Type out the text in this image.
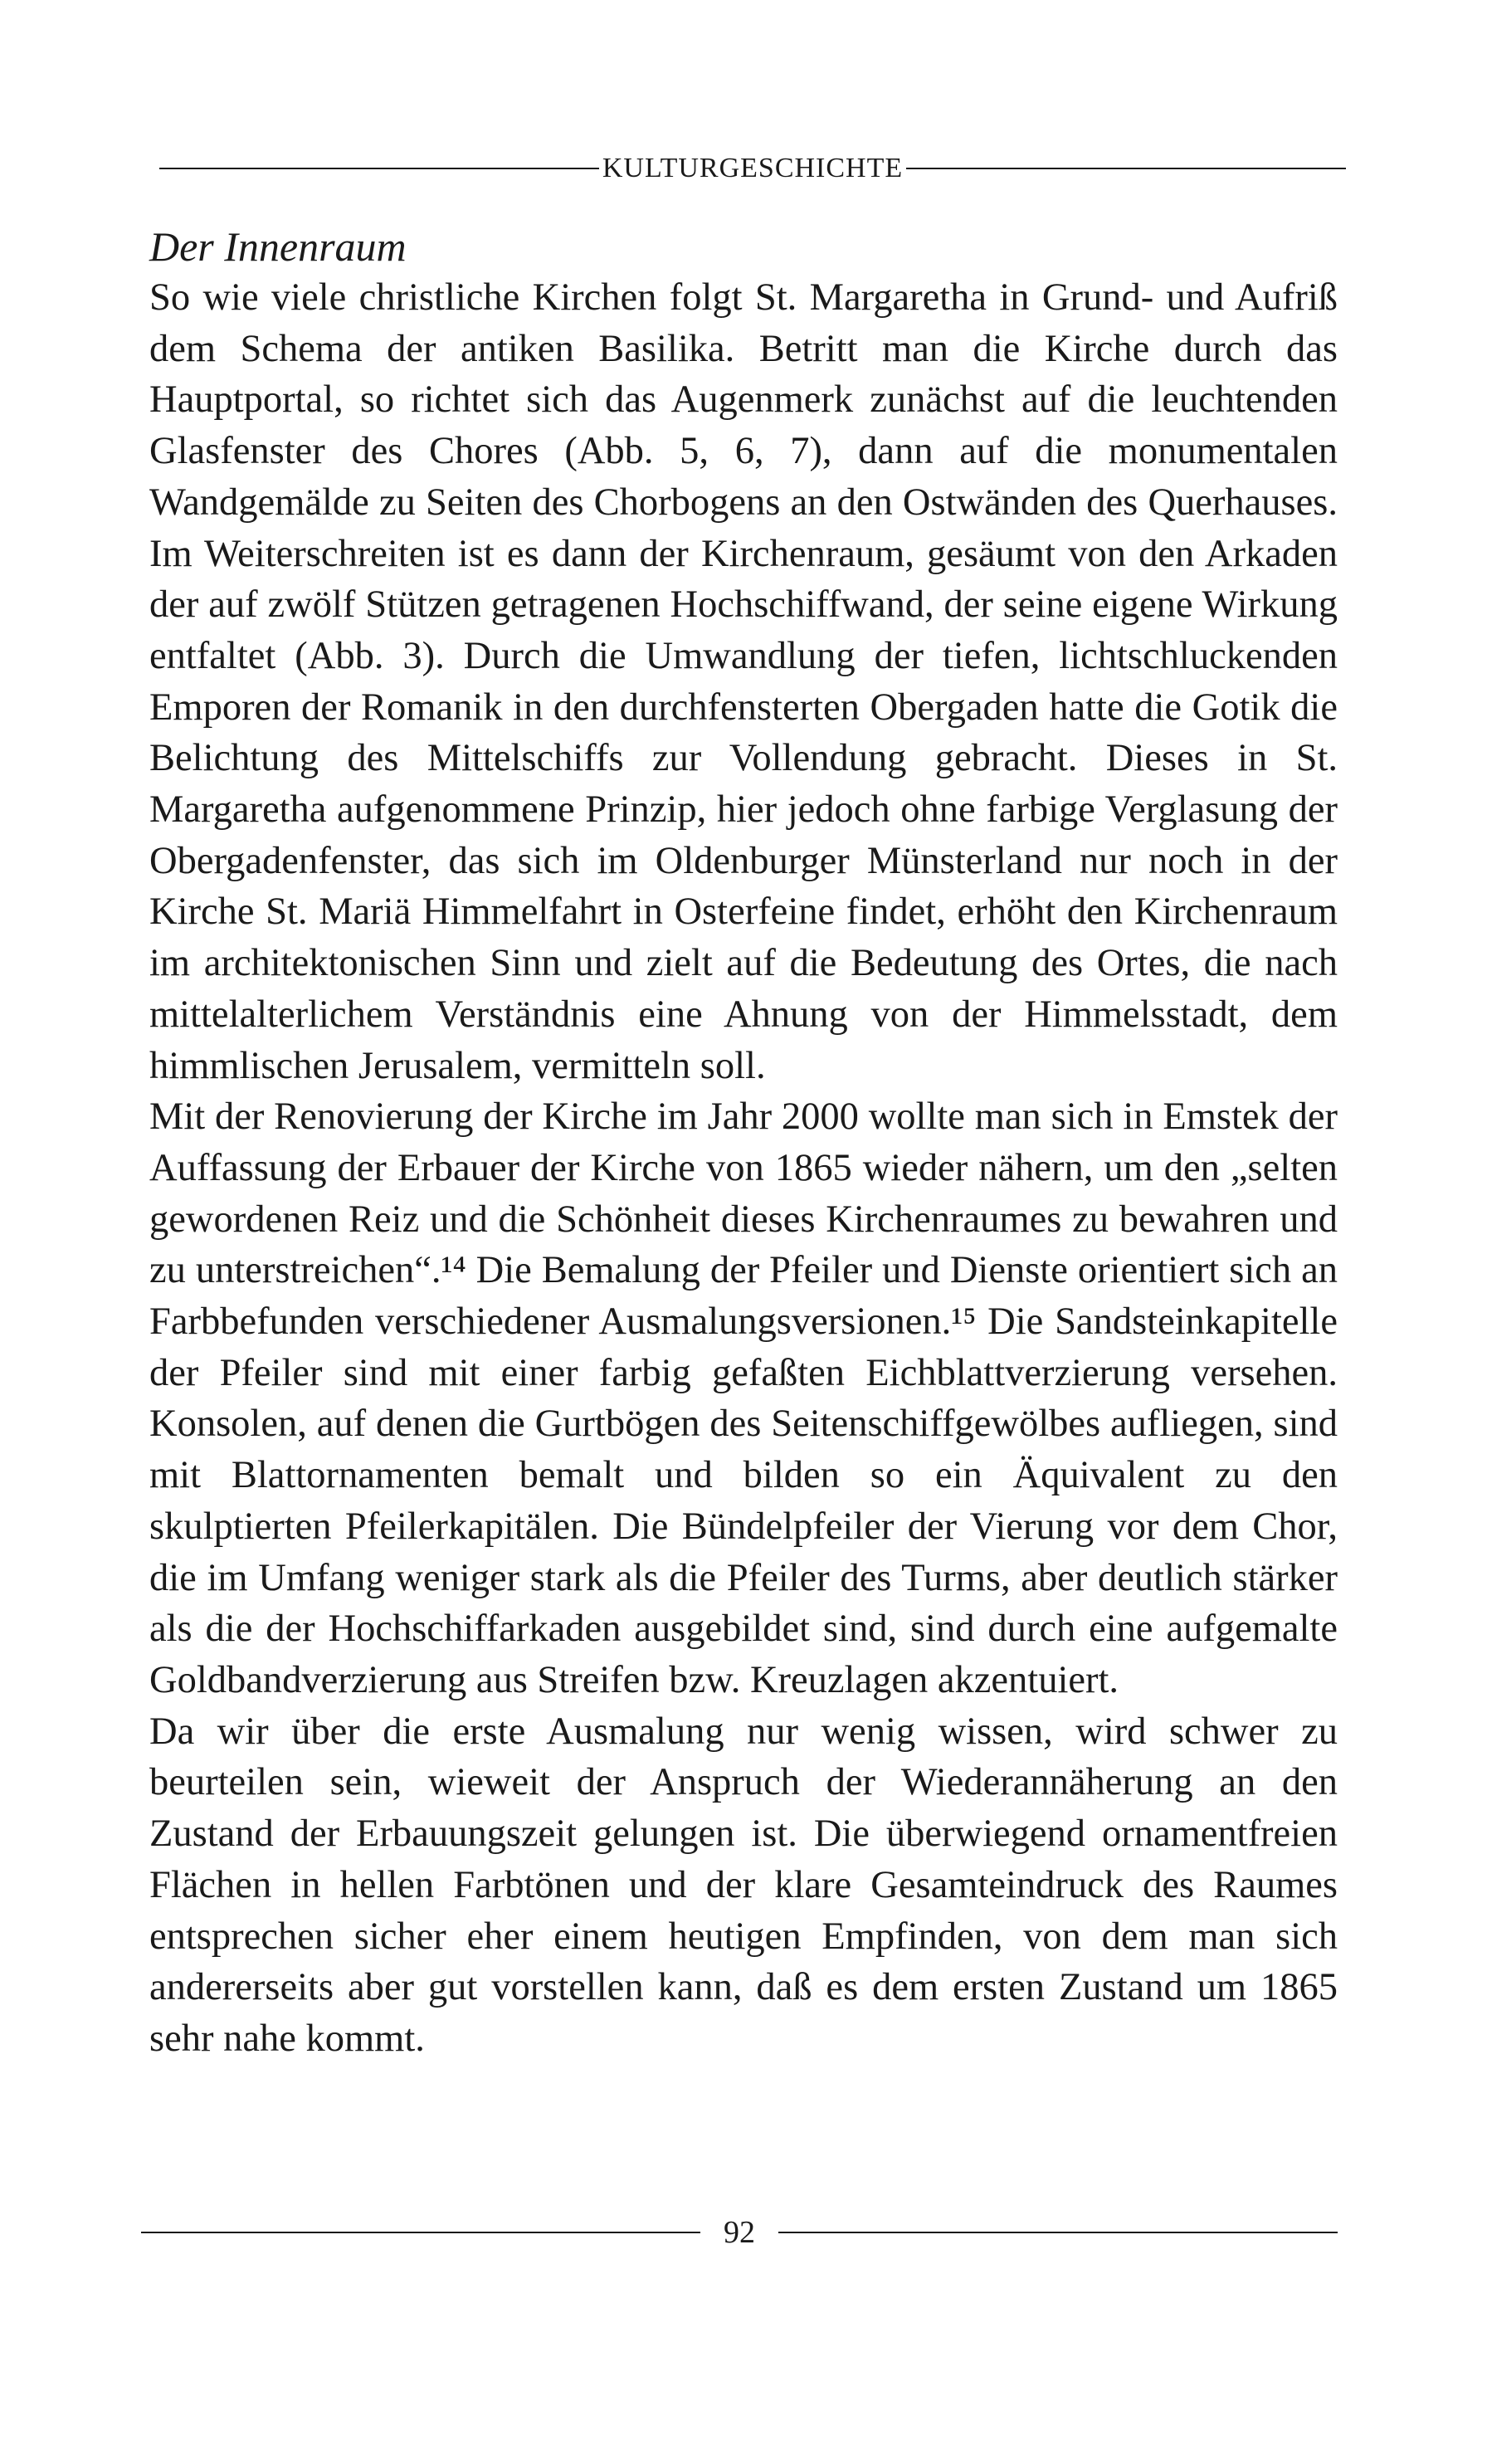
KULTURGESCHICHTE
Der Innenraum

So wie viele christliche Kirchen folgt St. Margaretha in Grund- und Aufriß dem Schema der antiken Basilika. Betritt man die Kirche durch das Hauptportal, so richtet sich das Augenmerk zunächst auf die leuchtenden Glasfenster des Chores (Abb. 5, 6, 7), dann auf die monumentalen Wandgemälde zu Seiten des Chorbogens an den Ostwänden des Querhauses. Im Weiterschreiten ist es dann der Kirchenraum, gesäumt von den Arkaden der auf zwölf Stützen getragenen Hochschiffwand, der seine eigene Wirkung entfaltet (Abb. 3). Durch die Umwandlung der tiefen, lichtschluckenden Emporen der Romanik in den durchfensterten Obergaden hatte die Gotik die Belichtung des Mittelschiffs zur Vollendung gebracht. Dieses in St. Margaretha aufgenommene Prinzip, hier jedoch ohne farbige Verglasung der Obergadenfenster, das sich im Oldenburger Münsterland nur noch in der Kirche St. Mariä Himmelfahrt in Osterfeine findet, erhöht den Kirchenraum im architektonischen Sinn und zielt auf die Bedeutung des Ortes, die nach mittelalterlichem Verständnis eine Ahnung von der Himmelsstadt, dem himmlischen Jerusalem, vermitteln soll.

Mit der Renovierung der Kirche im Jahr 2000 wollte man sich in Emstek der Auffassung der Erbauer der Kirche von 1865 wieder nähern, um den „selten gewordenen Reiz und die Schönheit dieses Kirchenraumes zu bewahren und zu unterstreichen“.¹⁴ Die Bemalung der Pfeiler und Dienste orientiert sich an Farbbefunden verschiedener Ausmalungsversionen.¹⁵ Die Sandsteinkapitelle der Pfeiler sind mit einer farbig gefaßten Eichblattverzierung versehen. Konsolen, auf denen die Gurtbögen des Seitenschiffgewölbes aufliegen, sind mit Blattornamenten bemalt und bilden so ein Äquivalent zu den skulptierten Pfeilerkapitälen. Die Bündelpfeiler der Vierung vor dem Chor, die im Umfang weniger stark als die Pfeiler des Turms, aber deutlich stärker als die der Hochschiffarkaden ausgebildet sind, sind durch eine aufgemalte Goldbandverzierung aus Streifen bzw. Kreuzlagen akzentuiert.

Da wir über die erste Ausmalung nur wenig wissen, wird schwer zu beurteilen sein, wieweit der Anspruch der Wiederannäherung an den Zustand der Erbauungszeit gelungen ist. Die überwiegend ornamentfreien Flächen in hellen Farbtönen und der klare Gesamteindruck des Raumes entsprechen sicher eher einem heutigen Empfinden, von dem man sich andererseits aber gut vorstellen kann, daß es dem ersten Zustand um 1865 sehr nahe kommt.

92
